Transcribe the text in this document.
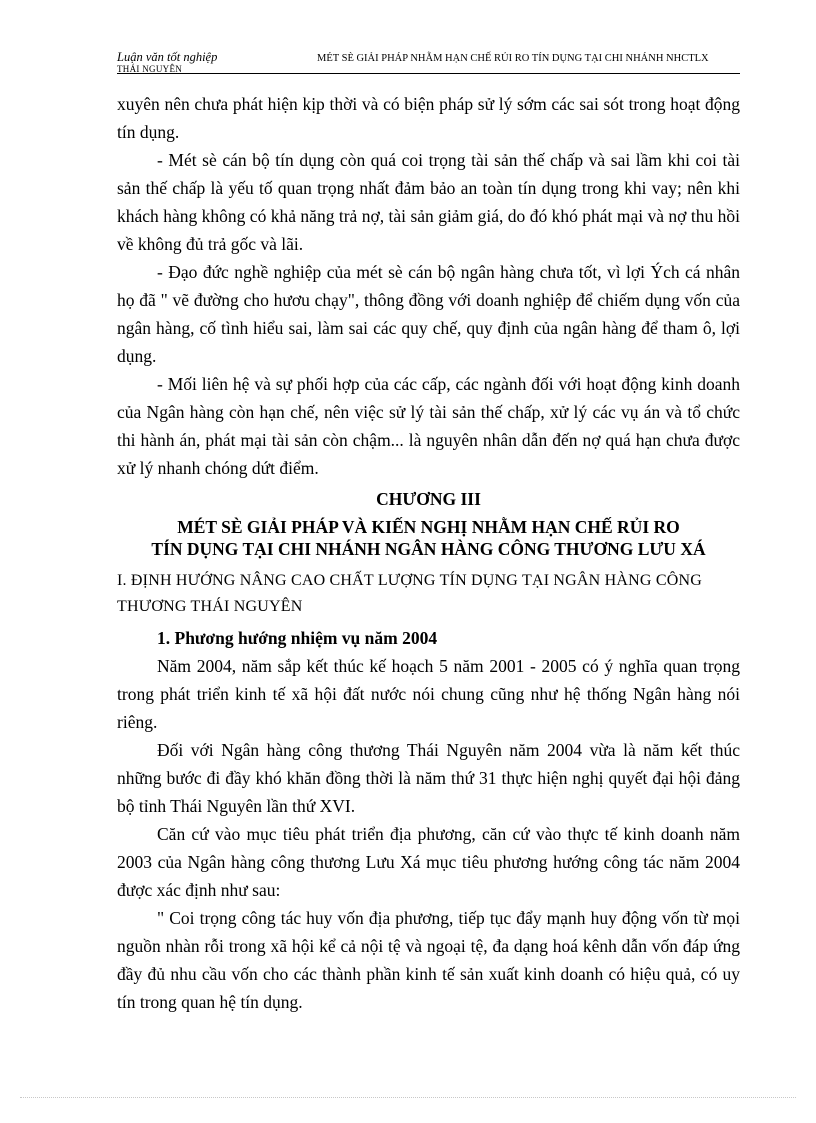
Luận văn tốt nghiệp
THÁI NGUYÊN
MÉT SÈ GIẢI PHÁP NHẰM HẠN CHẾ RỦI RO TÍN DỤNG TẠI CHI NHÁNH NHCTLX

xuyên nên chưa phát hiện kịp thời và có biện pháp sử lý sớm các sai sót trong hoạt động tín dụng.

- Mét sè cán bộ tín dụng còn quá coi trọng tài sản thế chấp và sai lầm khi coi tài sản thế chấp là yếu tố quan trọng nhất đảm bảo an toàn tín dụng trong khi vay; nên khi khách hàng không có khả năng trả nợ, tài sản giảm giá, do đó khó phát mại và nợ thu hồi về không đủ trả gốc và lãi.

- Đạo đức nghề nghiệp của mét sè cán bộ ngân hàng chưa tốt, vì lợi Ých cá nhân họ đã " vẽ đường cho hươu chạy", thông đồng với doanh nghiệp để chiếm dụng vốn của ngân hàng, cố tình hiểu sai, làm sai các quy chế, quy định của ngân hàng để tham ô, lợi dụng.

- Mối liên hệ và sự phối hợp của các cấp, các ngành đối với hoạt động kinh doanh của Ngân hàng còn hạn chế, nên việc sử lý tài sản thế chấp, xử lý các vụ án và tổ chức thi hành án, phát mại tài sản còn chậm... là nguyên nhân dẫn đến nợ quá hạn chưa được xử lý nhanh chóng dứt điểm.

CHƯƠNG III
MÉT SÈ GIẢI PHÁP VÀ KIẾN NGHỊ NHẰM HẠN CHẾ RỦI RO
TÍN DỤNG TẠI CHI NHÁNH NGÂN HÀNG CÔNG THƯƠNG LƯU XÁ
I. ĐỊNH HƯỚNG NÂNG CAO CHẤT LƯỢNG TÍN DỤNG TẠI NGÂN HÀNG CÔNG THƯƠNG THÁI NGUYÊN

1. Phương hướng nhiệm vụ năm 2004

Năm 2004, năm sắp kết thúc kế hoạch 5 năm 2001 - 2005 có ý nghĩa quan trọng trong phát triển kinh tế xã hội đất nước nói chung cũng như hệ thống Ngân hàng nói riêng.

Đối với Ngân hàng công thương Thái Nguyên năm 2004 vừa là năm kết thúc những bước đi đầy khó khăn đồng thời là năm thứ 31 thực hiện nghị quyết đại hội đảng bộ tỉnh Thái Nguyên lần thứ XVI.

Căn cứ vào mục tiêu phát triển địa phương, căn cứ vào thực tế kinh doanh năm 2003 của Ngân hàng công thương Lưu Xá mục tiêu phương hướng công tác năm 2004 được xác định như sau:

" Coi trọng công tác huy vốn địa phương, tiếp tục đẩy mạnh huy động vốn từ mọi nguồn nhàn rỗi trong xã hội kể cả nội tệ và ngoại tệ, đa dạng hoá kênh dẫn vốn đáp ứng đầy đủ nhu cầu vốn cho các thành phần kinh tế sản xuất kinh doanh có hiệu quả, có uy tín trong quan hệ tín dụng.
